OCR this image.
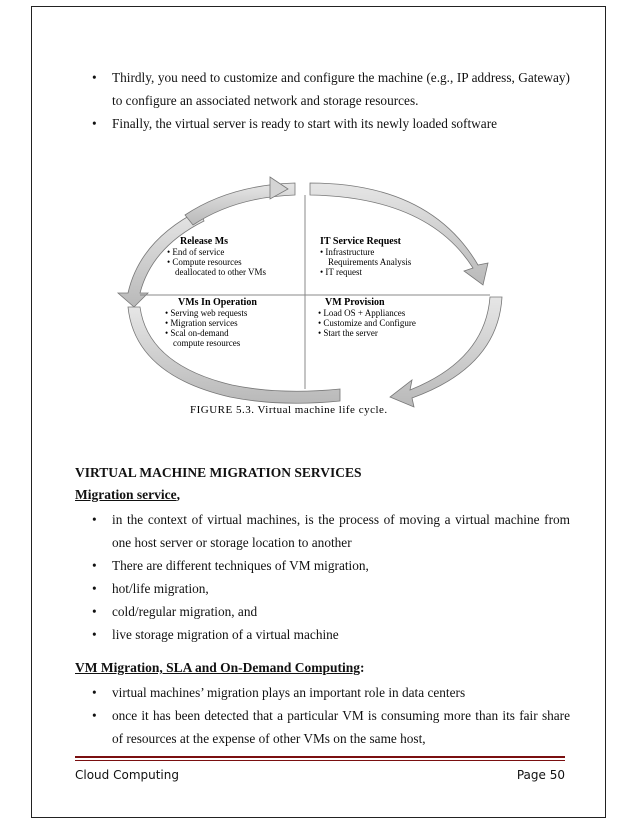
• Thirdly, you need to customize and configure the machine (e.g., IP address, Gateway) to configure an associated network and storage resources.
• Finally, the virtual server is ready to start with its newly loaded software
Release Ms
• End of service
• Compute resources
deallocated to other VMs
IT Service Request
• Infrastructure
Requirements Analysis
• IT request
VMs In Operation
• Serving web requests
• Migration services
• Scal on-demand
compute resources
VM Provision
• Load OS + Appliances
• Customize and Configure
• Start the server
FIGURE 5.3. Virtual machine life cycle.
VIRTUAL MACHINE MIGRATION SERVICES
Migration service,
• in the context of virtual machines, is the process of moving a virtual machine from one host server or storage location to another
• There are different techniques of VM migration,
• hot/life migration,
• cold/regular migration, and
• live storage migration of a virtual machine
VM Migration, SLA and On-Demand Computing:
• virtual machines’ migration plays an important role in data centers
• once it has been detected that a particular VM is consuming more than its fair share of resources at the expense of other VMs on the same host,
Cloud Computing	Page 50
